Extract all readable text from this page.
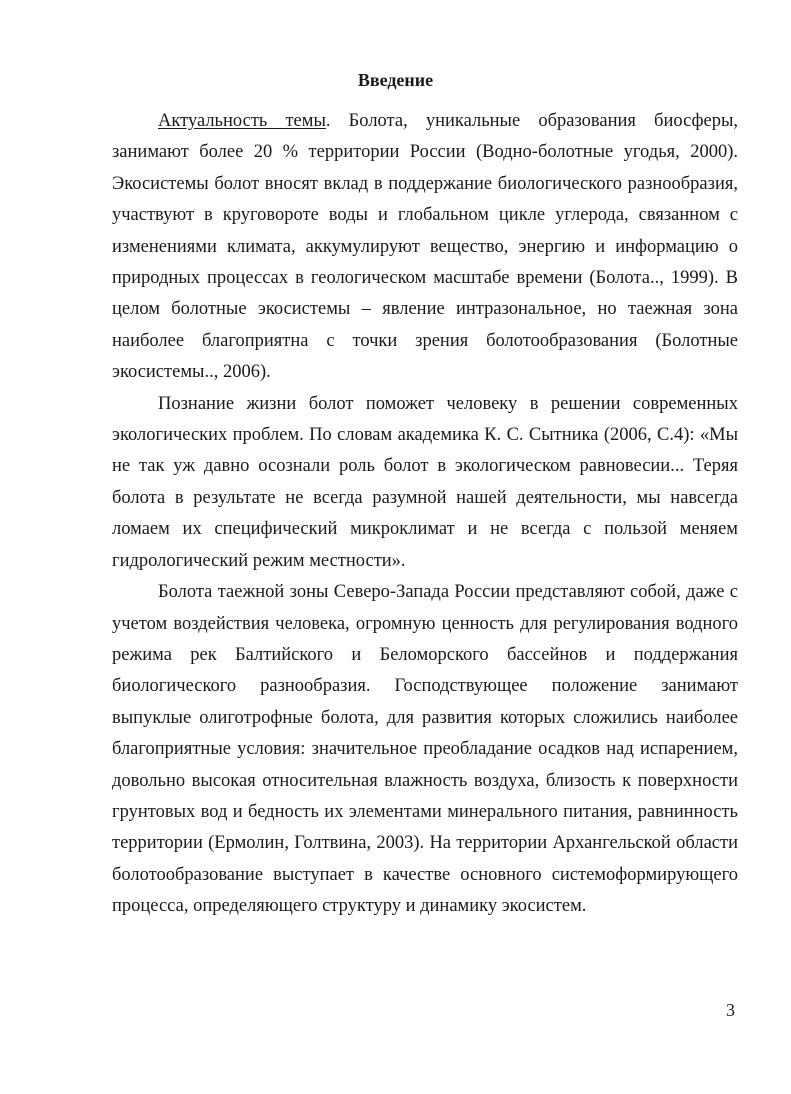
Введение

Актуальность темы. Болота, уникальные образования биосферы, занимают более 20 % территории России (Водно-болотные угодья, 2000). Экосистемы болот вносят вклад в поддержание биологического разнообразия, участвуют в круговороте воды и глобальном цикле углерода, связанном с изменениями климата, аккумулируют вещество, энергию и информацию о природных процессах в геологическом масштабе времени (Болота.., 1999). В целом болотные экосистемы – явление интразональное, но таежная зона наиболее благоприятна с точки зрения болотообразования (Болотные экосистемы.., 2006).

Познание жизни болот поможет человеку в решении современных экологических проблем. По словам академика К. С. Сытника (2006, С.4): «Мы не так уж давно осознали роль болот в экологическом равновесии... Теряя болота в результате не всегда разумной нашей деятельности, мы навсегда ломаем их специфический микроклимат и не всегда с пользой меняем гидрологический режим местности».

Болота таежной зоны Северо-Запада России представляют собой, даже с учетом воздействия человека, огромную ценность для регулирования водного режима рек Балтийского и Беломорского бассейнов и поддержания биологического разнообразия. Господствующее положение занимают выпуклые олиготрофные болота, для развития которых сложились наиболее благоприятные условия: значительное преобладание осадков над испарением, довольно высокая относительная влажность воздуха, близость к поверхности грунтовых вод и бедность их элементами минерального питания, равнинность территории (Ермолин, Голтвина, 2003). На территории Архангельской области болотообразование выступает в качестве основного системоформирующего процесса, определяющего структуру и динамику экосистем.

3
